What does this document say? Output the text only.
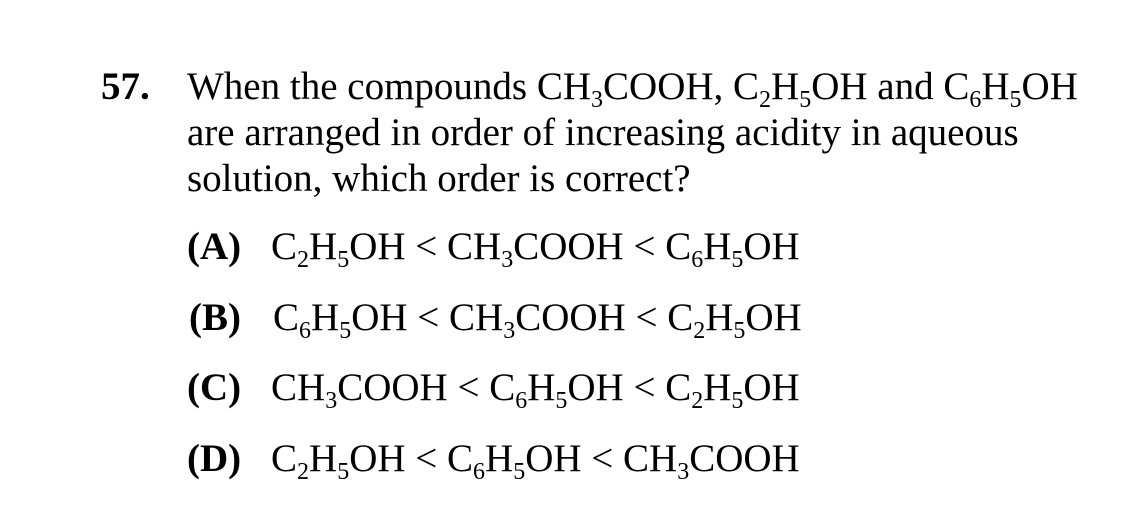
57. When the compounds $CH_3COOH$, $C_2H_5OH$ and $C_6H_5OH$
are arranged in order of increasing acidity in aqueous
solution, which order is correct?
(A) $C_2H_5OH$ < $CH_3COOH < C_6H_5OH$
(B) $C_6H_5OH$ < $CH_3COOH < C_2H_5OH$
(C) $CH_3COOH < C_6H_5OH < C_2H_5OH$
(D) $C_2H_5OH < C_6H_5OH$ < $CH_3COOH$
